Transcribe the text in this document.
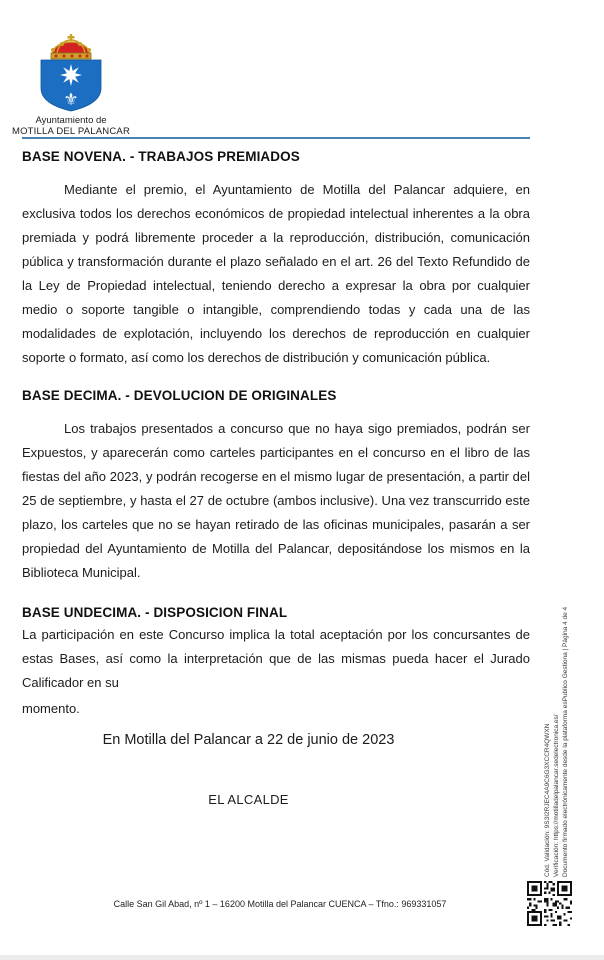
⚜
Ayuntamiento de
MOTILLA DEL PALANCAR

BASE NOVENA. - TRABAJOS PREMIADOS

Mediante el premio, el Ayuntamiento de Motilla del Palancar adquiere, en exclusiva todos los derechos económicos de propiedad intelectual inherentes a la obra premiada y podrá libremente proceder a la reproducción, distribución, comunicación pública y transformación durante el plazo señalado en el art. 26 del Texto Refundido de la Ley de Propiedad intelectual, teniendo derecho a expresar la obra por cualquier medio o soporte tangible o intangible, comprendiendo todas y cada una de las modalidades de explotación, incluyendo los derechos de reproducción en cualquier soporte o formato, así como los derechos de distribución y comunicación pública.

BASE DECIMA. - DEVOLUCION DE ORIGINALES

Los trabajos presentados a concurso que no haya sigo premiados, podrán ser Expuestos, y aparecerán como carteles participantes en el concurso en el libro de las fiestas del año 2023, y podrán recogerse en el mismo lugar de presentación, a partir del 25 de septiembre, y hasta el 27 de octubre (ambos inclusive). Una vez transcurrido este plazo, los carteles que no se hayan retirado de las oficinas municipales, pasarán a ser propiedad del Ayuntamiento de Motilla del Palancar, depositándose los mismos en la Biblioteca Municipal.

BASE UNDECIMA. - DISPOSICION FINAL

La participación en este Concurso implica la total aceptación por los concursantes de estas Bases, así como la interpretación que de las mismas pueda hacer el Jurado Calificador en su

momento.

En Motilla del Palancar a 22 de junio de 2023
EL ALCALDE	Cód. Validación: 9S3I2RJEC4A9C6G3XCCR4QWXN Verificación: https://motilladelpalancar.sedelectronica.es/ Documento firmado electrónicamente desde la plataforma esPublico Gestiona | Página 4 de 4
Calle San Gil Abad, nº 1 – 16200 Motilla del Palancar CUENCA – Tfno.: 969331057
